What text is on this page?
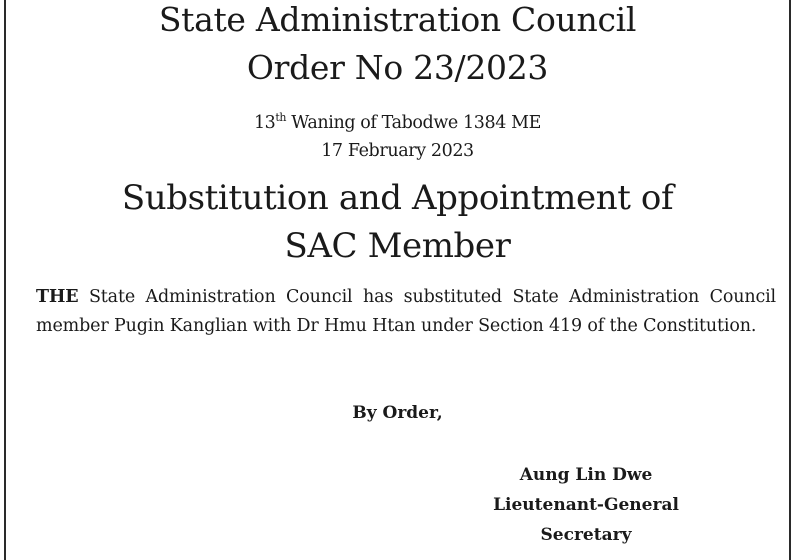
State Administration Council
Order No 23/2023
13th Waning of Tabodwe 1384 ME
17 February 2023
Substitution and Appointment of
SAC Member
THE State Administration Council has substituted State Administration Council member Pugin Kanglian with Dr Hmu Htan under Section 419 of the Constitution.
By Order,
Aung Lin Dwe
Lieutenant-General
Secretary
